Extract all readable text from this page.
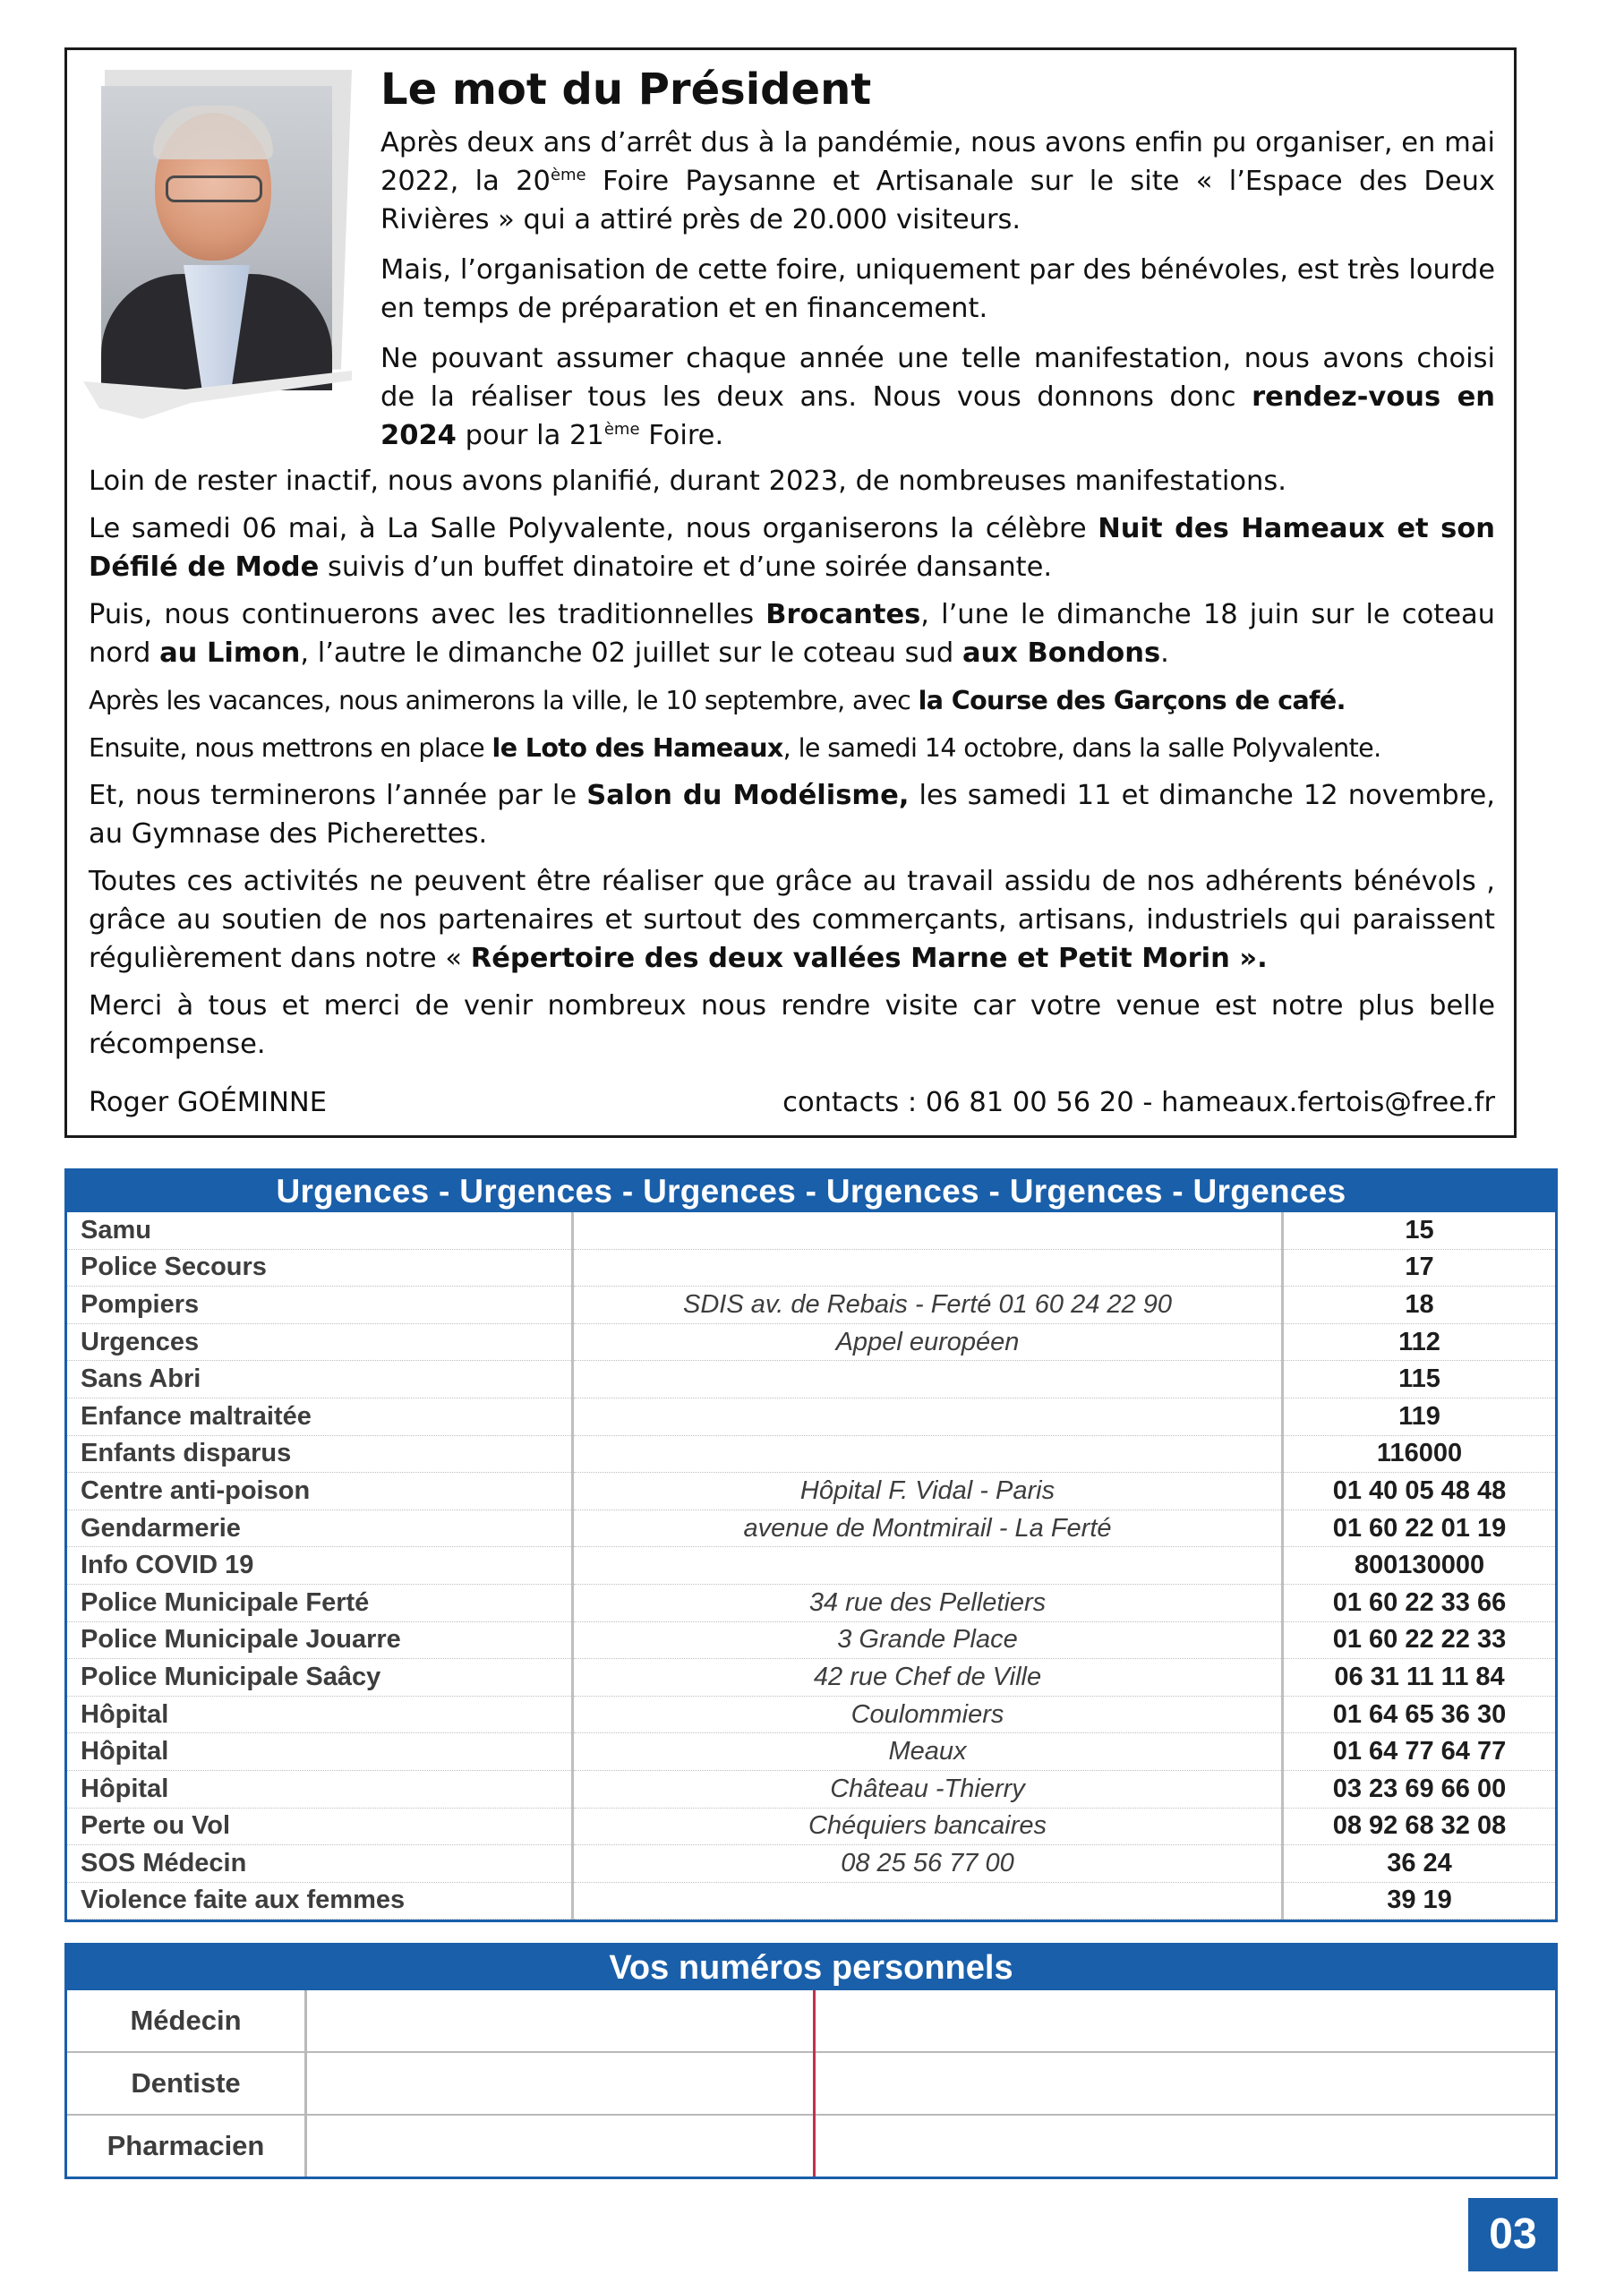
Le mot du Président

Après deux ans d’arrêt dus à la pandémie, nous avons enfin pu organiser, en mai 2022, la 20ème Foire Paysanne et Artisanale sur le site « l’Espace des Deux Rivières » qui a attiré près de 20.000 visiteurs.

Mais, l’organisation de cette foire, uniquement par des bénévoles, est très lourde en temps de préparation et en financement.

Ne pouvant assumer chaque année une telle manifestation, nous avons choisi de la réaliser tous les deux ans. Nous vous donnons donc rendez-vous en 2024 pour la 21ème Foire.

Loin de rester inactif, nous avons planifié, durant 2023, de nombreuses manifestations.

Le samedi 06 mai, à La Salle Polyvalente, nous organiserons la célèbre Nuit des Hameaux et son Défilé de Mode suivis d’un buffet dinatoire et d’une soirée dansante.

Puis, nous continuerons avec les traditionnelles Brocantes, l’une le dimanche 18 juin sur le coteau nord au Limon, l’autre le dimanche 02 juillet sur le coteau sud aux Bondons.

Après les vacances, nous animerons la ville, le 10 septembre, avec la Course des Garçons de café.

Ensuite, nous mettrons en place le Loto des Hameaux, le samedi 14 octobre, dans la salle Polyvalente.

Et, nous terminerons l’année par le Salon du Modélisme, les samedi 11 et dimanche 12 novembre, au Gymnase des Picherettes.

Toutes ces activités ne peuvent être réaliser que grâce au travail assidu de nos adhérents bénévols , grâce au soutien de nos partenaires et surtout des commerçants, artisans, industriels qui paraissent régulièrement dans notre « Répertoire des deux vallées Marne et Petit Morin ».

Merci à tous et merci de venir nombreux nous rendre visite car votre venue est notre plus belle récompense.

Roger GOÉMINNE	contacts : 06 81 00 56 20 - hameaux.fertois@free.fr
Urgences - Urgences - Urgences - Urgences - Urgences - Urgences
Samu		15
Police Secours		17
Pompiers	SDIS av. de Rebais - Ferté 01 60 24 22 90	18
Urgences	Appel européen	112
Sans Abri		115
Enfance maltraitée		119
Enfants disparus		116000
Centre anti-poison	Hôpital F. Vidal - Paris	01 40 05 48 48
Gendarmerie	avenue de Montmirail - La Ferté	01 60 22 01 19
Info COVID 19		800130000
Police Municipale Ferté	34 rue des Pelletiers	01 60 22 33 66
Police Municipale Jouarre	3 Grande Place	01 60 22 22 33
Police Municipale Saâcy	42 rue Chef de Ville	06 31 11 11 84
Hôpital	Coulommiers	01 64 65 36 30
Hôpital	Meaux	01 64 77 64 77
Hôpital	Château -Thierry	03 23 69 66 00
Perte ou Vol	Chéquiers bancaires	08 92 68 32 08
SOS Médecin	08 25 56 77 00	36 24
Violence faite aux femmes		39 19
Vos numéros personnels
Médecin		
Dentiste		
Pharmacien		
03
